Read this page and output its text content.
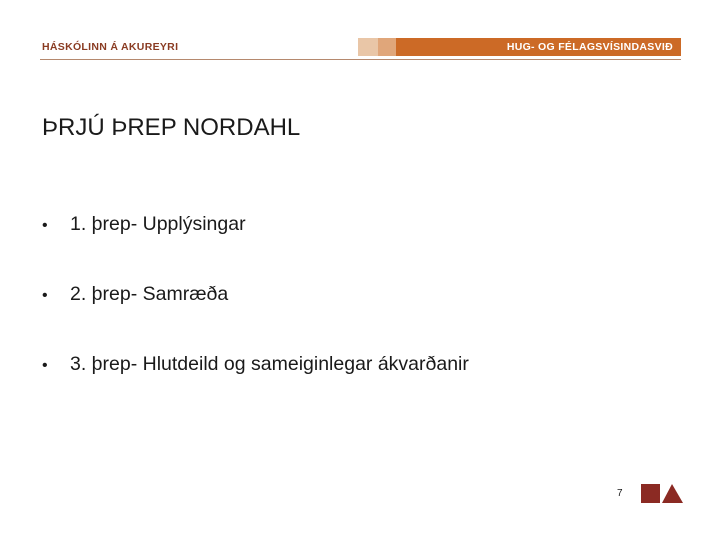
HÁSKÓLINN Á AKUREYRI	HUG- OG FÉLAGSVÍSINDASVIÐ
ÞRJÚ ÞREP NORDAHL
•	1. þrep- Upplýsingar
•	2. þrep- Samræða
•	3. þrep- Hlutdeild og sameiginlegar ákvarðanir
7
